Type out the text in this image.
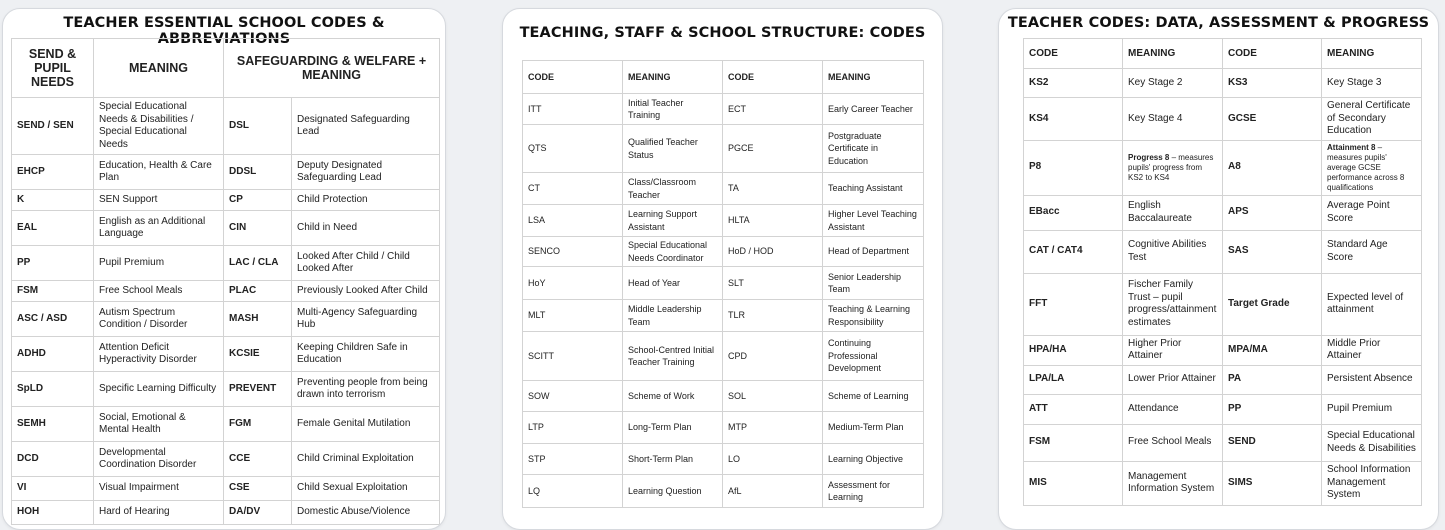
TEACHER ESSENTIAL SCHOOL CODES & ABBREVIATIONS
SEND & PUPIL NEEDS	MEANING	SAFEGUARDING & WELFARE + MEANING	
SEND / SEN	Special Educational Needs & Disabilities / Special Educational Needs	DSL	Designated Safeguarding Lead
EHCP	Education, Health & Care Plan	DDSL	Deputy Designated Safeguarding Lead
K	SEN Support	CP	Child Protection
EAL	English as an Additional Language	CIN	Child in Need
PP	Pupil Premium	LAC / CLA	Looked After Child / Child Looked After
FSM	Free School Meals	PLAC	Previously Looked After Child
ASC / ASD	Autism Spectrum Condition / Disorder	MASH	Multi-Agency Safeguarding Hub
ADHD	Attention Deficit Hyperactivity Disorder	KCSIE	Keeping Children Safe in Education
SpLD	Specific Learning Difficulty	PREVENT	Preventing people from being drawn into terrorism
SEMH	Social, Emotional & Mental Health	FGM	Female Genital Mutilation
DCD	Developmental Coordination Disorder	CCE	Child Criminal Exploitation
VI	Visual Impairment	CSE	Child Sexual Exploitation
HOH	Hard of Hearing	DA/DV	Domestic Abuse/Violence
TEACHING, STAFF & SCHOOL STRUCTURE: CODES
CODE	MEANING	CODE	MEANING
ITT	Initial Teacher Training	ECT	Early Career Teacher
QTS	Qualified Teacher Status	PGCE	Postgraduate Certificate in Education
CT	Class/Classroom Teacher	TA	Teaching Assistant
LSA	Learning Support Assistant	HLTA	Higher Level Teaching Assistant
SENCO	Special Educational Needs Coordinator	HoD / HOD	Head of Department
HoY	Head of Year	SLT	Senior Leadership Team
MLT	Middle Leadership Team	TLR	Teaching & Learning Responsibility
SCITT	School-Centred Initial Teacher Training	CPD	Continuing Professional Development
SOW	Scheme of Work	SOL	Scheme of Learning
LTP	Long-Term Plan	MTP	Medium-Term Plan
STP	Short-Term Plan	LO	Learning Objective
LQ	Learning Question	AfL	Assessment for Learning
TEACHER CODES: DATA, ASSESSMENT & PROGRESS
CODE	MEANING	CODE	MEANING
KS2	Key Stage 2	KS3	Key Stage 3
KS4	Key Stage 4	GCSE	General Certificate of Secondary Education
P8	Progress 8 – measures pupils' progress from KS2 to KS4	A8	Attainment 8 – measures pupils' average GCSE performance across 8 qualifications
EBacc	English Baccalaureate	APS	Average Point Score
CAT / CAT4	Cognitive Abilities Test	SAS	Standard Age Score
FFT	Fischer Family Trust – pupil progress/attainment estimates	Target Grade	Expected level of attainment
HPA/HA	Higher Prior Attainer	MPA/MA	Middle Prior Attainer
LPA/LA	Lower Prior Attainer	PA	Persistent Absence
ATT	Attendance	PP	Pupil Premium
FSM	Free School Meals	SEND	Special Educational Needs & Disabilities
MIS	Management Information System	SIMS	School Information Management System
